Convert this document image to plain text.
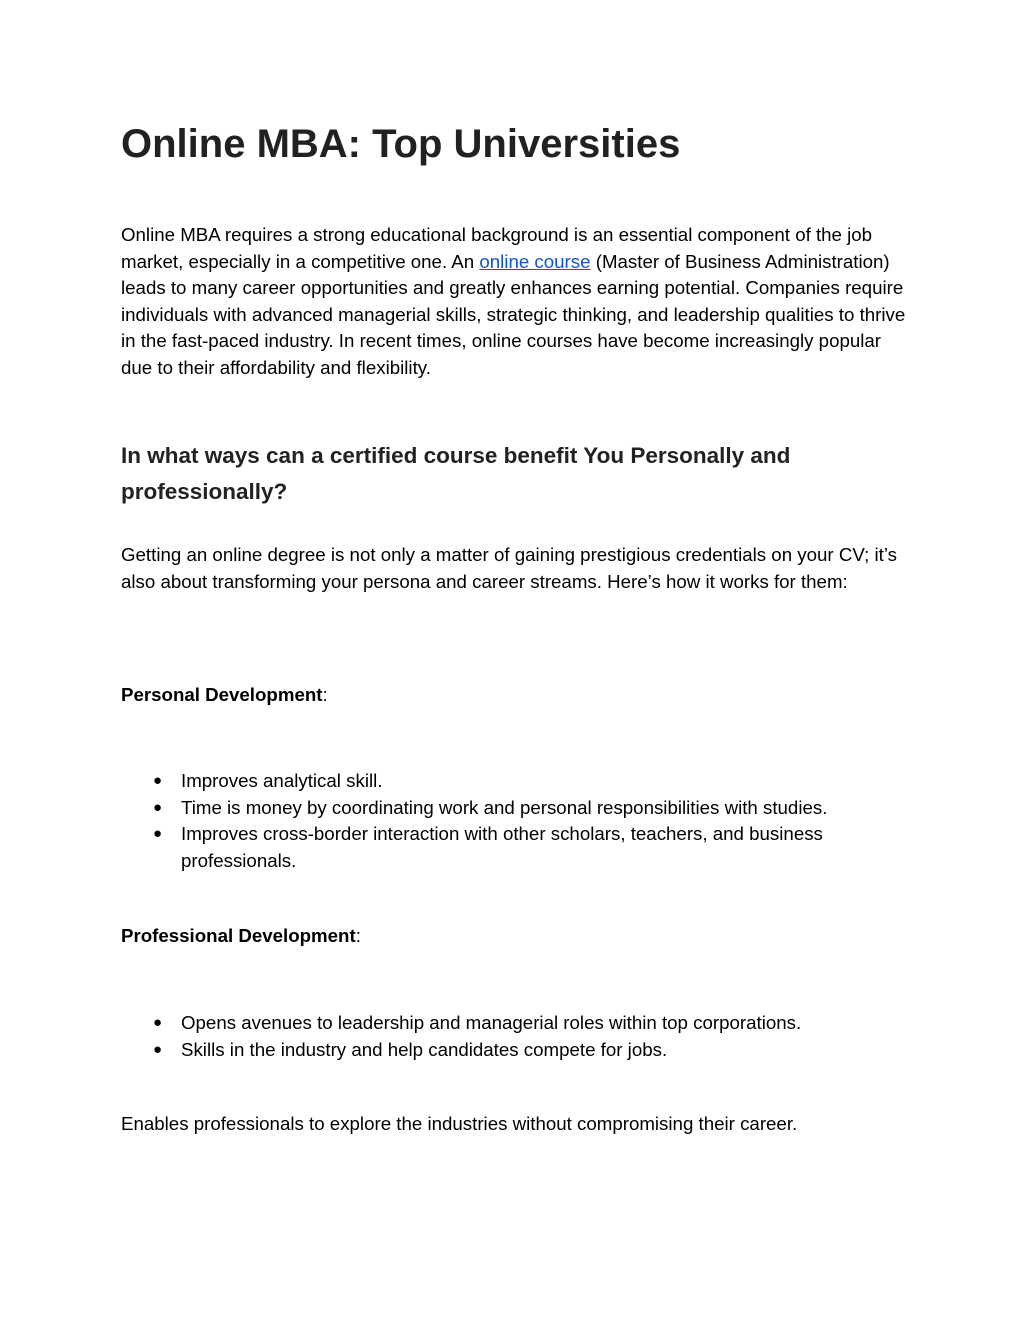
Online MBA: Top Universities

Online MBA requires a strong educational background is an essential component of the job market, especially in a competitive one. An online course (Master of Business Administration) leads to many career opportunities and greatly enhances earning potential. Companies require individuals with advanced managerial skills, strategic thinking, and leadership qualities to thrive in the fast-paced industry. In recent times, online courses have become increasingly popular due to their affordability and flexibility.

In what ways can a certified course benefit You Personally and professionally?

Getting an online degree is not only a matter of gaining prestigious credentials on your CV; it’s also about transforming your persona and career streams. Here’s how it works for them:

Personal Development:

● Improves analytical skill.
● Time is money by coordinating work and personal responsibilities with studies.
● Improves cross-border interaction with other scholars, teachers, and business professionals.

Professional Development:

● Opens avenues to leadership and managerial roles within top corporations.
● Skills in the industry and help candidates compete for jobs.

Enables professionals to explore the industries without compromising their career.
